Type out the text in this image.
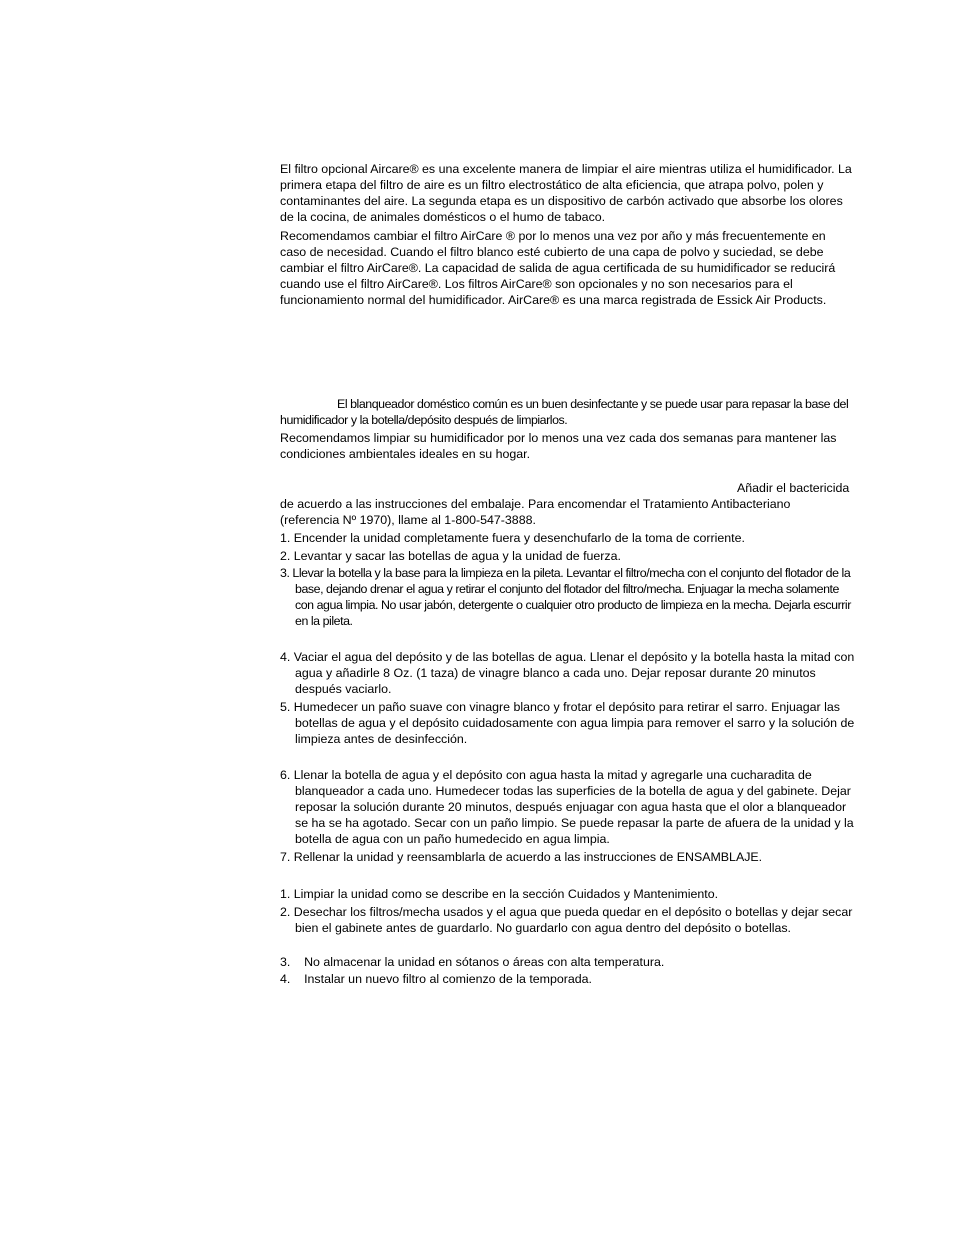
El filtro opcional Aircare® es una excelente manera de limpiar el aire mientras utiliza el humidificador. La primera etapa del filtro de aire es un filtro electrostático de alta eficiencia, que atrapa polvo, polen y contaminantes del aire. La segunda etapa es un dispositivo de carbón activado que absorbe los olores de la cocina, de animales domésticos o el humo de tabaco.

Recomendamos cambiar el filtro AirCare ® por lo menos una vez por año y más frecuentemente en caso de necesidad. Cuando el filtro blanco esté cubierto de una capa de polvo y suciedad, se debe cambiar el filtro AirCare®. La capacidad de salida de agua certificada de su humidificador se reducirá cuando use el filtro AirCare®. Los filtros AirCare® son opcionales y no son necesarios para el funcionamiento normal del humidificador. AirCare® es una marca registrada de Essick Air Products.

El blanqueador doméstico común es un buen desinfectante y se puede usar para repasar la base del humidificador y la botella/depósito después de limpiarlos.

Recomendamos limpiar su humidificador por lo menos una vez cada dos semanas para mantener las condiciones ambientales ideales en su hogar.

Añadir el bactericida de acuerdo a las instrucciones del embalaje. Para encomendar el Tratamiento Antibacteriano (referencia Nº 1970), llame al 1-800-547-3888.

1. Encender la unidad completamente fuera y desenchufarlo de la toma de corriente.

2. Levantar y sacar las botellas de agua y la unidad de fuerza.

3. Llevar la botella y la base para la limpieza en la pileta. Levantar el filtro/mecha con el conjunto del flotador de la base, dejando drenar el agua y retirar el conjunto del flotador del filtro/mecha. Enjuagar la mecha solamente con agua limpia. No usar jabón, detergente o cualquier otro producto de limpieza en la mecha. Dejarla escurrir en la pileta.

4. Vaciar el agua del depósito y de las botellas de agua. Llenar el depósito y la botella hasta la mitad con agua y añadirle 8 Oz. (1 taza) de vinagre blanco a cada uno. Dejar reposar durante 20 minutos después vaciarlo.

5. Humedecer un paño suave con vinagre blanco y frotar el depósito para retirar el sarro. Enjuagar las botellas de agua y el depósito cuidadosamente con agua limpia para remover el sarro y la solución de limpieza antes de desinfección.

6. Llenar la botella de agua y el depósito con agua hasta la mitad y agregarle una cucharadita de blanqueador a cada uno. Humedecer todas las superficies de la botella de agua y del gabinete. Dejar reposar la solución durante 20 minutos, después enjuagar con agua hasta que el olor a blanqueador se ha se ha agotado. Secar con un paño limpio. Se puede repasar la parte de afuera de la unidad y la botella de agua con un paño humedecido en agua limpia.

7. Rellenar la unidad y reensamblarla de acuerdo a las instrucciones de ENSAMBLAJE.

1. Limpiar la unidad como se describe en la sección Cuidados y Mantenimiento.

2. Desechar los filtros/mecha usados y el agua que pueda quedar en el depósito o botellas y dejar secar bien el gabinete antes de guardarlo. No guardarlo con agua dentro del depósito o botellas.

3.    No almacenar la unidad en sótanos o áreas con alta temperatura.

4.    Instalar un nuevo filtro al comienzo de la temporada.
